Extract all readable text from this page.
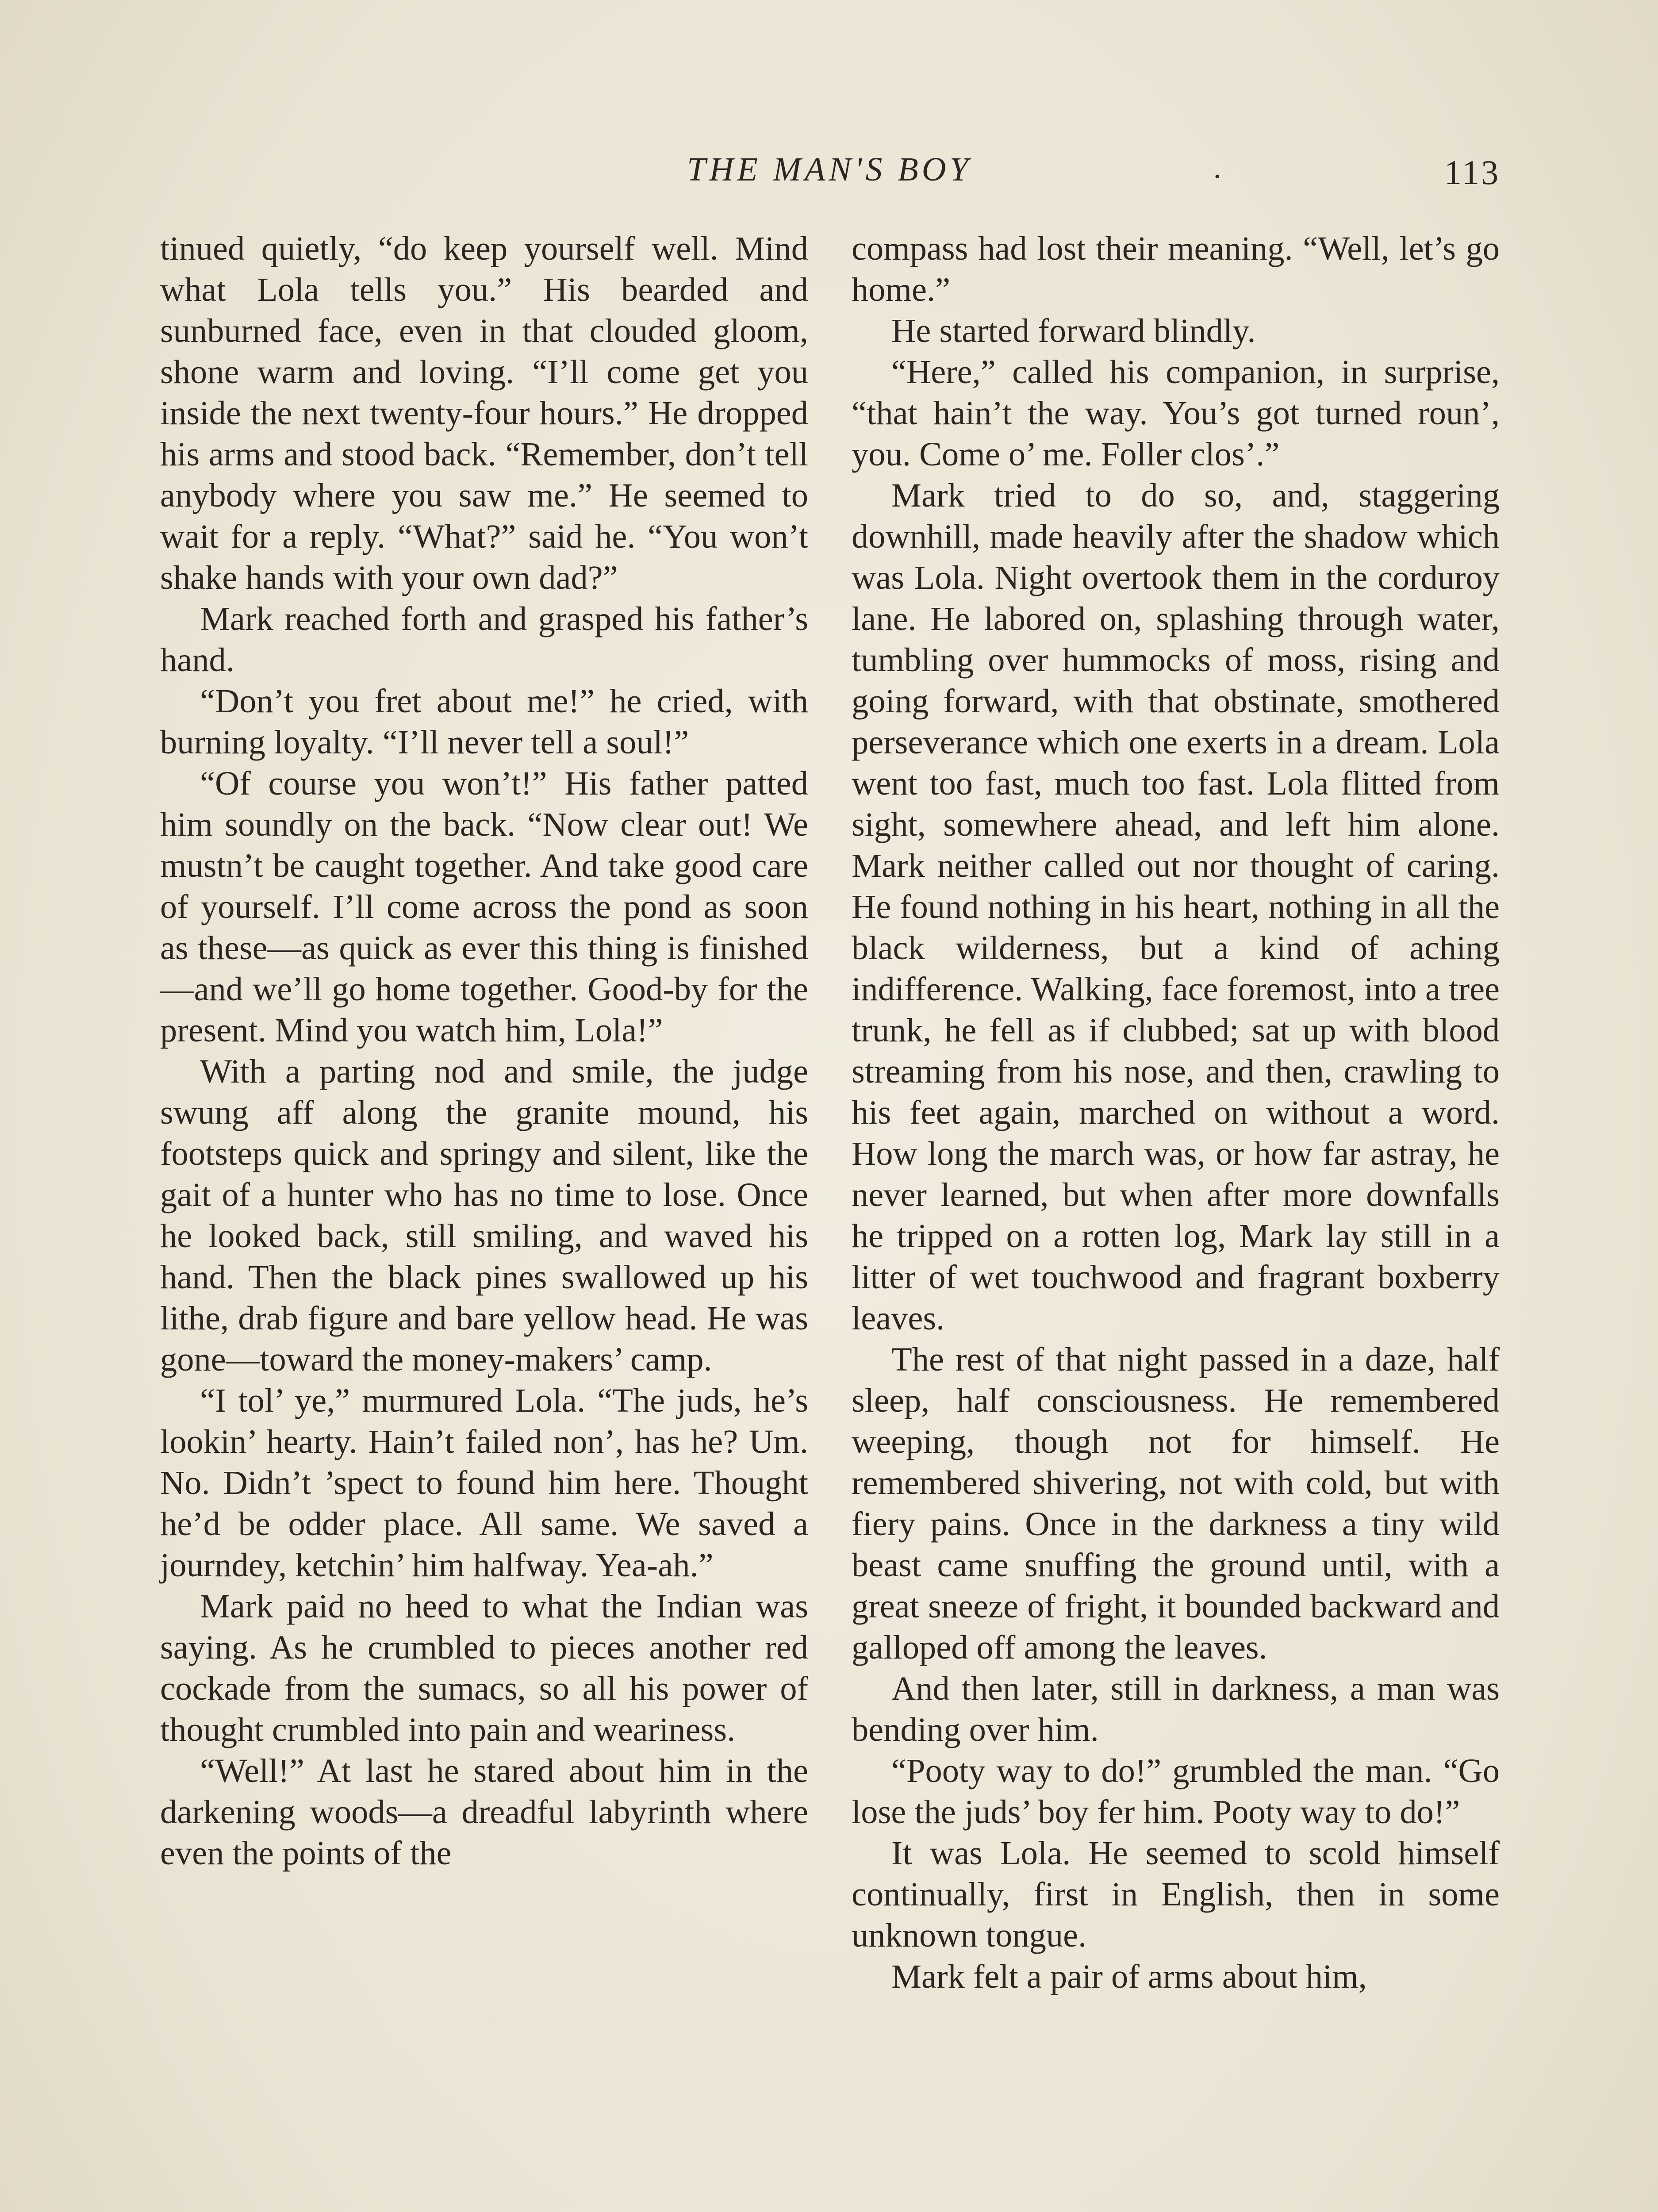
THE MAN'S BOY	·	113

tinued quietly, “do keep yourself well. Mind what Lola tells you.” His bearded and sunburned face, even in that clouded gloom, shone warm and loving. “I’ll come get you inside the next twenty-four hours.” He dropped his arms and stood back. “Remember, don’t tell anybody where you saw me.” He seemed to wait for a reply. “What?” said he. “You won’t shake hands with your own dad?”

Mark reached forth and grasped his father’s hand.

“Don’t you fret about me!” he cried, with burning loyalty. “I’ll never tell a soul!”

“Of course you won’t!” His father patted him soundly on the back. “Now clear out! We mustn’t be caught together. And take good care of yourself. I’ll come across the pond as soon as these—as quick as ever this thing is finished—and we’ll go home together. Good-by for the present. Mind you watch him, Lola!”

With a parting nod and smile, the judge swung aff along the granite mound, his footsteps quick and springy and silent, like the gait of a hunter who has no time to lose. Once he looked back, still smiling, and waved his hand. Then the black pines swallowed up his lithe, drab figure and bare yellow head. He was gone—toward the money-makers’ camp.

“I tol’ ye,” murmured Lola. “The juds, he’s lookin’ hearty. Hain’t failed non’, has he? Um. No. Didn’t ’spect to found him here. Thought he’d be odder place. All same. We saved a journdey, ketchin’ him halfway. Yea-ah.”

Mark paid no heed to what the Indian was saying. As he crumbled to pieces another red cockade from the sumacs, so all his power of thought crumbled into pain and weariness.

“Well!” At last he stared about him in the darkening woods—a dreadful labyrinth where even the points of the

compass had lost their meaning. “Well, let’s go home.”

He started forward blindly.

“Here,” called his companion, in surprise, “that hain’t the way. You’s got turned roun’, you. Come o’ me. Foller clos’.”

Mark tried to do so, and, staggering downhill, made heavily after the shadow which was Lola. Night overtook them in the corduroy lane. He labored on, splashing through water, tumbling over hummocks of moss, rising and going forward, with that obstinate, smothered perseverance which one exerts in a dream. Lola went too fast, much too fast. Lola flitted from sight, somewhere ahead, and left him alone. Mark neither called out nor thought of caring. He found nothing in his heart, nothing in all the black wilderness, but a kind of aching indifference. Walking, face foremost, into a tree trunk, he fell as if clubbed; sat up with blood streaming from his nose, and then, crawling to his feet again, marched on without a word. How long the march was, or how far astray, he never learned, but when after more downfalls he tripped on a rotten log, Mark lay still in a litter of wet touchwood and fragrant boxberry leaves.

The rest of that night passed in a daze, half sleep, half consciousness. He remembered weeping, though not for himself. He remembered shivering, not with cold, but with fiery pains. Once in the darkness a tiny wild beast came snuffing the ground until, with a great sneeze of fright, it bounded backward and galloped off among the leaves.

And then later, still in darkness, a man was bending over him.

“Pooty way to do!” grumbled the man. “Go lose the juds’ boy fer him. Pooty way to do!”

It was Lola. He seemed to scold himself continually, first in English, then in some unknown tongue.

Mark felt a pair of arms about him,
